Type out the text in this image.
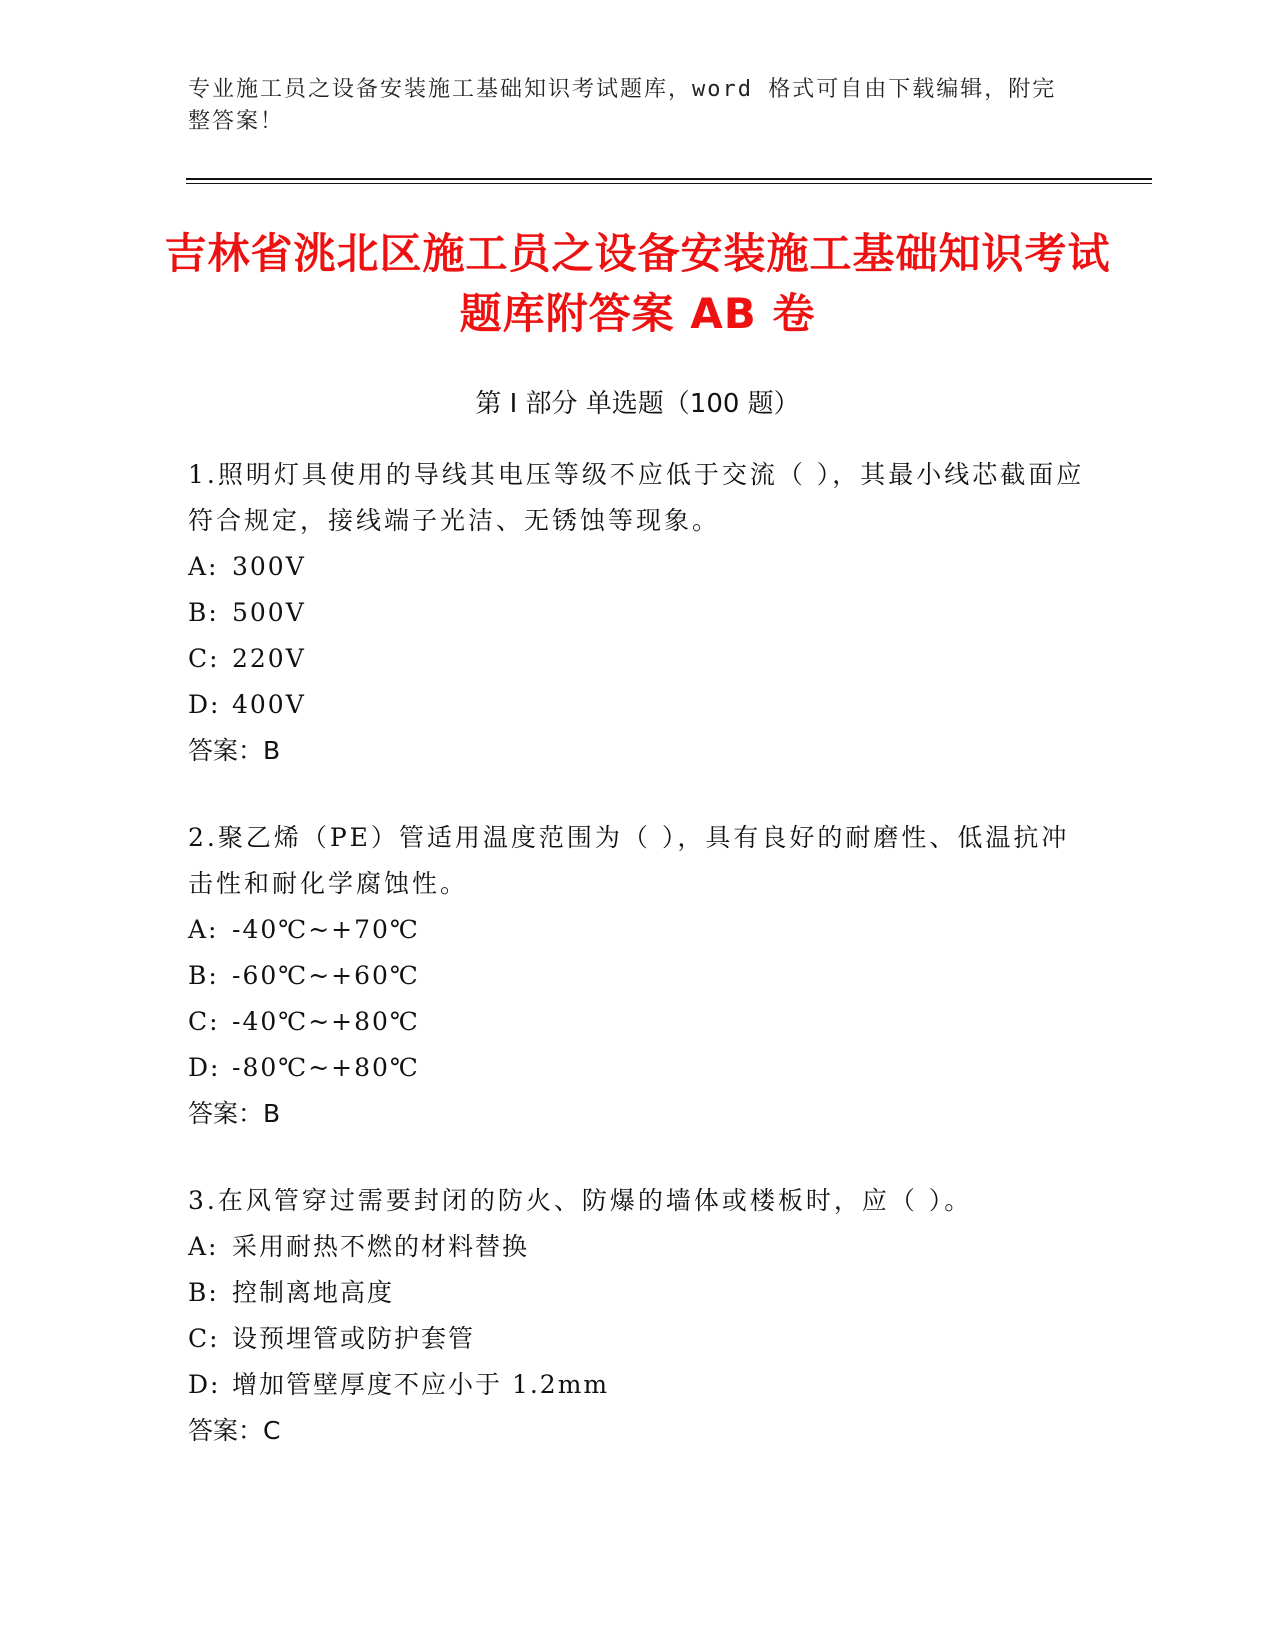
专业施工员之设备安装施工基础知识考试题库，word 格式可自由下载编辑，附完整答案！
吉林省洮北区施工员之设备安装施工基础知识考试题库附答案 AB 卷
第 I 部分 单选题（100 题）

1.照明灯具使用的导线其电压等级不应低于交流（ ），其最小线芯截面应符合规定，接线端子光洁、无锈蚀等现象。

A: 300V

B: 500V

C: 220V

D: 400V

答案：B

2.聚乙烯（PE）管适用温度范围为（ ），具有良好的耐磨性、低温抗冲击性和耐化学腐蚀性。

A: -40℃~+70℃

B: -60℃~+60℃

C: -40℃~+80℃

D: -80℃~+80℃

答案：B

3.在风管穿过需要封闭的防火、防爆的墙体或楼板时，应（ ）。

A: 采用耐热不燃的材料替换

B: 控制离地高度

C: 设预埋管或防护套管

D: 增加管壁厚度不应小于 1.2mm

答案：C
